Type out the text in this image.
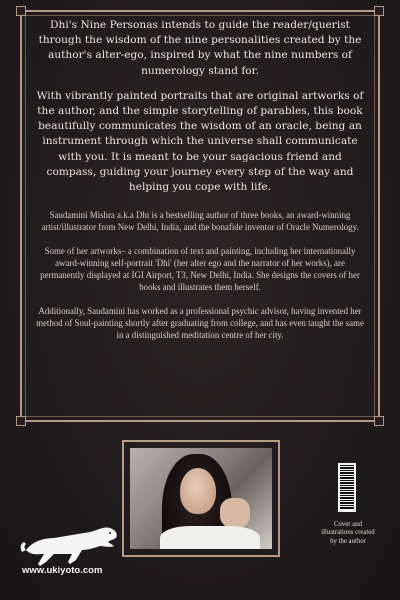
Dhi's Nine Personas intends to guide the reader/querist through the wisdom of the nine personalities created by the author's alter-ego, inspired by what the nine numbers of numerology stand for.

With vibrantly painted portraits that are original artworks of the author, and the simple storytelling of parables, this book beautifully communicates the wisdom of an oracle, being an instrument through which the universe shall communicate with you. It is meant to be your sagacious friend and compass, guiding your journey every step of the way and helping you cope with life.

Saudamini Mishra a.k.a Dhi is a bestselling author of three books, an award-winning artist/illustrator from New Delhi, India, and the bonafide inventor of Oracle Numerology.

Some of her artworks– a combination of text and painting, including her internationally award-winning self-portrait 'Dhi' (her alter ego and the narrator of her works), are permanently displayed at IGI Airport, T3, New Delhi, India. She designs the covers of her books and illustrates them herself.

Additionally, Saudamini has worked as a professional psychic advisor, having invented her method of Soul-painting shortly after graduating from college, and has even taught the same in a distinguished meditation centre of her city.

Cover and illustrations created by the author
www.ukiyoto.com
